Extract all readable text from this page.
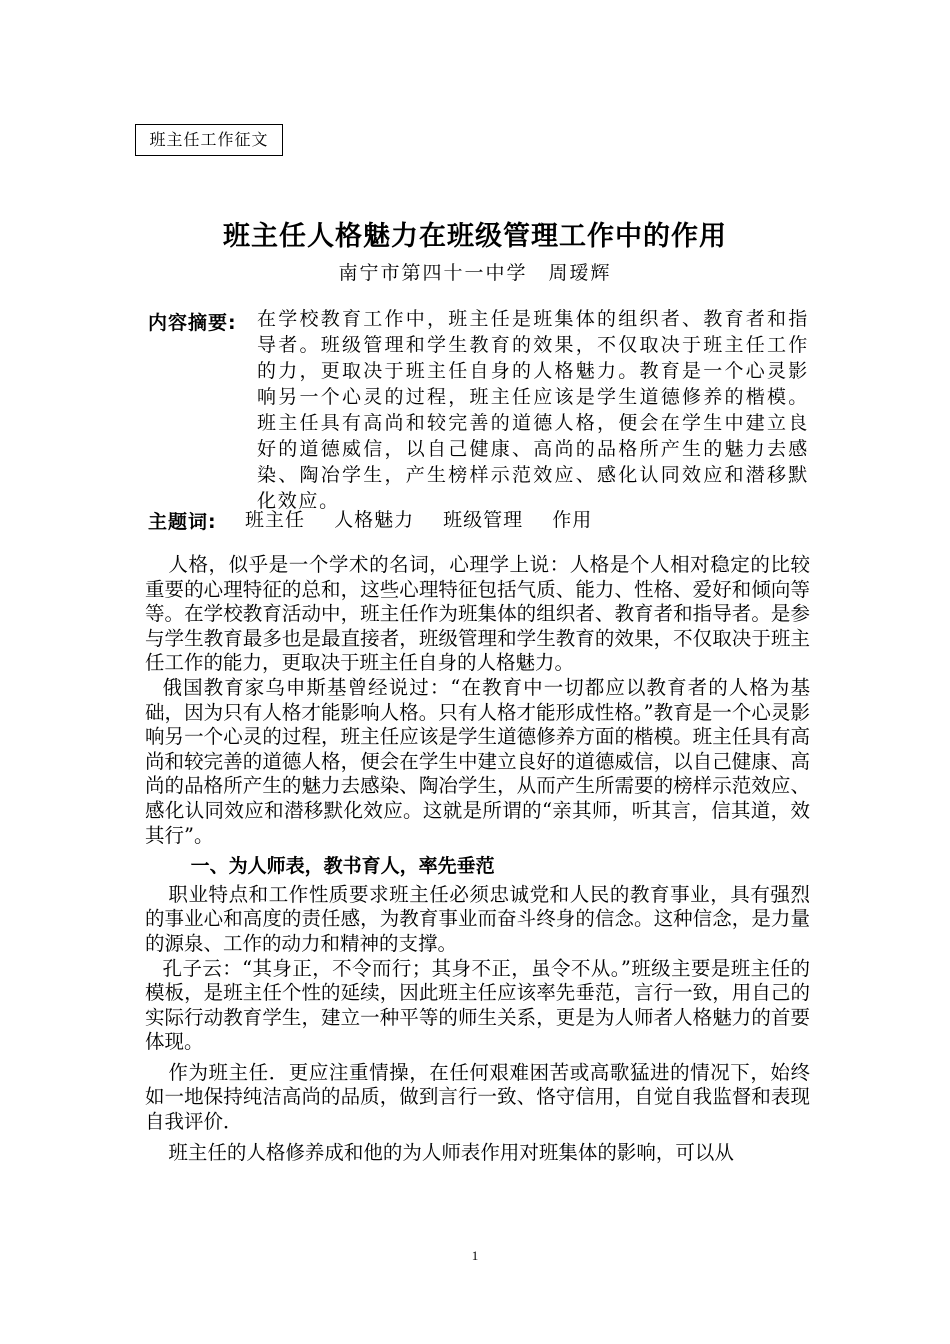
班主任工作征文
班主任人格魅力在班级管理工作中的作用
南宁市第四十一中学　周瑷辉
内容摘要: 在学校教育工作中，班主任是班集体的组织者、教育者和指导者。班级管理和学生教育的效果，不仅取决于班主任工作的力，更取决于班主任自身的人格魅力。教育是一个心灵影响另一个心灵的过程，班主任应该是学生道德修养的楷模。班主任具有高尚和较完善的道德人格，便会在学生中建立良好的道德威信，以自己健康、高尚的品格所产生的魅力去感染、陶冶学生，产生榜样示范效应、感化认同效应和潜移默化效应。
主题词: 班主任 人格魅力 班级管理 作用

人格，似乎是一个学术的名词，心理学上说：人格是个人相对稳定的比较重要的心理特征的总和，这些心理特征包括气质、能力、性格、爱好和倾向等等。在学校教育活动中，班主任作为班集体的组织者、教育者和指导者。是参与学生教育最多也是最直接者，班级管理和学生教育的效果，不仅取决于班主任工作的能力，更取决于班主任自身的人格魅力。

俄国教育家乌申斯基曾经说过：“在教育中一切都应以教育者的人格为基础，因为只有人格才能影响人格。只有人格才能形成性格。”教育是一个心灵影响另一个心灵的过程，班主任应该是学生道德修养方面的楷模。班主任具有高尚和较完善的道德人格，便会在学生中建立良好的道德威信，以自己健康、高尚的品格所产生的魅力去感染、陶冶学生，从而产生所需要的榜样示范效应、感化认同效应和潜移默化效应。这就是所谓的“亲其师，听其言，信其道，效其行”。

一、为人师表，教书育人，率先垂范

职业特点和工作性质要求班主任必须忠诚党和人民的教育事业，具有强烈的事业心和高度的责任感，为教育事业而奋斗终身的信念。这种信念，是力量的源泉、工作的动力和精神的支撑。

孔子云：“其身正，不令而行；其身不正，虽令不从。”班级主要是班主任的模板，是班主任个性的延续，因此班主任应该率先垂范，言行一致，用自己的实际行动教育学生，建立一种平等的师生关系，更是为人师者人格魅力的首要体现。

作为班主任．更应注重情操，在任何艰难困苦或高歌猛进的情况下，始终如一地保持纯洁高尚的品质，做到言行一致、恪守信用，自觉自我监督和表现自我评价．

班主任的人格修养成和他的为人师表作用对班集体的影响，可以从

1
